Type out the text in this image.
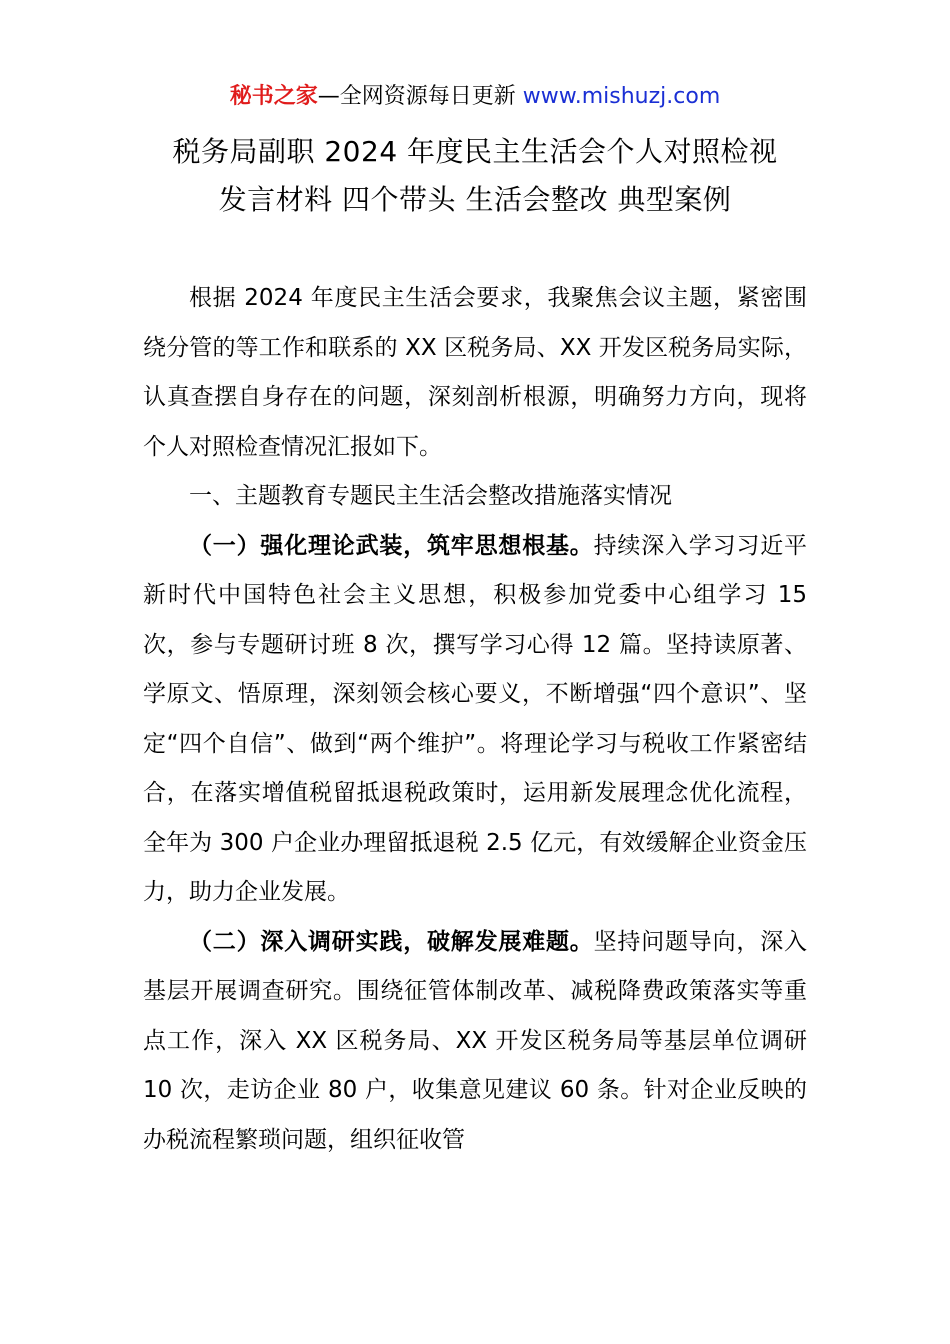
秘书之家—全网资源每日更新 www.mishuzj.com
税务局副职 2024 年度民主生活会个人对照检视
发言材料 四个带头 生活会整改 典型案例

根据 2024 年度民主生活会要求，我聚焦会议主题，紧密围绕分管的等工作和联系的 XX 区税务局、XX 开发区税务局实际，认真查摆自身存在的问题，深刻剖析根源，明确努力方向，现将个人对照检查情况汇报如下。

一、主题教育专题民主生活会整改措施落实情况

（一）强化理论武装，筑牢思想根基。持续深入学习习近平新时代中国特色社会主义思想，积极参加党委中心组学习 15 次，参与专题研讨班 8 次，撰写学习心得 12 篇。坚持读原著、学原文、悟原理，深刻领会核心要义，不断增强“四个意识”、坚定“四个自信”、做到“两个维护”。将理论学习与税收工作紧密结合，在落实增值税留抵退税政策时，运用新发展理念优化流程，全年为 300 户企业办理留抵退税 2.5 亿元，有效缓解企业资金压力，助力企业发展。

（二）深入调研实践，破解发展难题。坚持问题导向，深入基层开展调查研究。围绕征管体制改革、减税降费政策落实等重点工作，深入 XX 区税务局、XX 开发区税务局等基层单位调研 10 次，走访企业 80 户，收集意见建议 60 条。针对企业反映的办税流程繁琐问题，组织征收管
